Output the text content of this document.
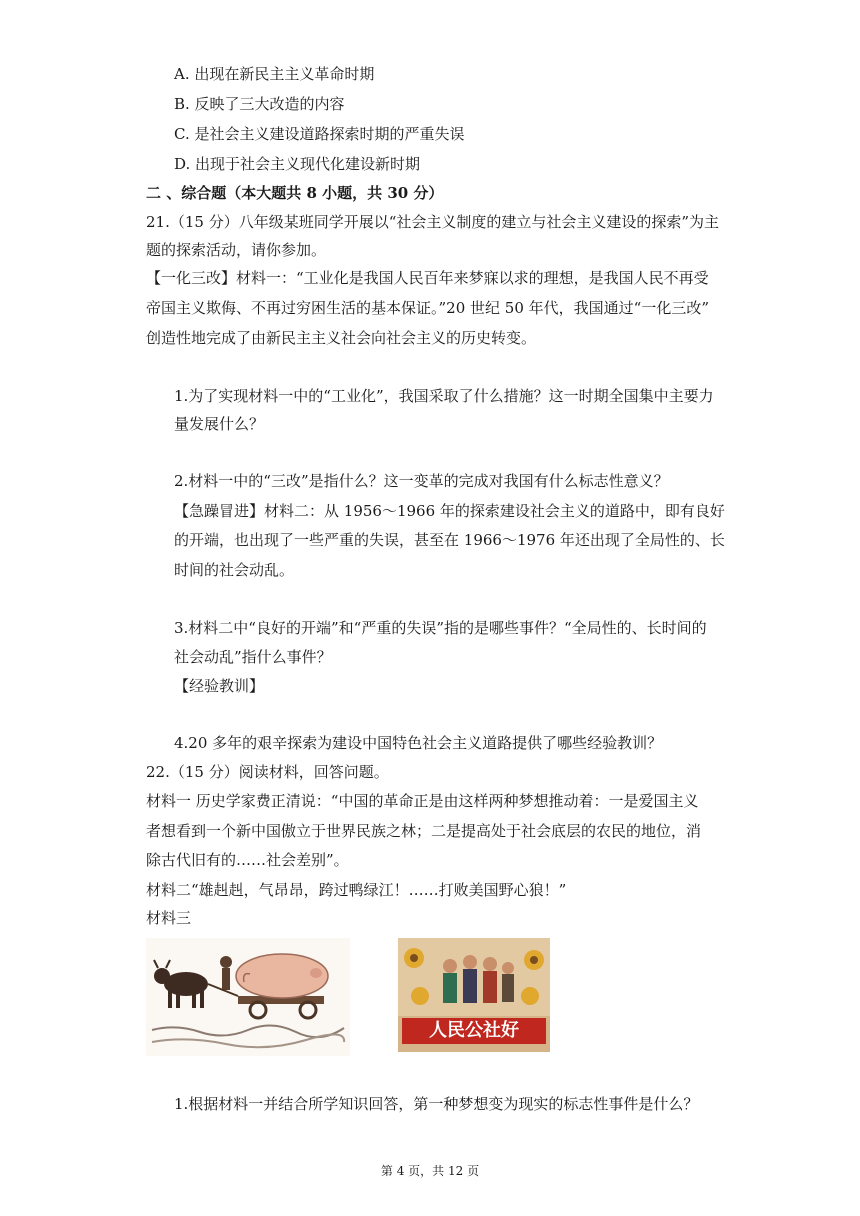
A. 出现在新民主主义革命时期
B. 反映了三大改造的内容
C. 是社会主义建设道路探索时期的严重失误
D. 出现于社会主义现代化建设新时期
二 、综合题（本大题共 8 小题，共 30 分）
21.（15 分）八年级某班同学开展以“社会主义制度的建立与社会主义建设的探索”为主
题的探索活动，请你参加。
【一化三改】材料一：“工业化是我国人民百年来梦寐以求的理想，是我国人民不再受
帝国主义欺侮、不再过穷困生活的基本保证。”20 世纪 50 年代，我国通过“一化三改”
创造性地完成了由新民主主义社会向社会主义的历史转变。
1.为了实现材料一中的“工业化”，我国采取了什么措施？这一时期全国集中主要力
量发展什么？
2.材料一中的“三改”是指什么？这一变革的完成对我国有什么标志性意义？
【急躁冒进】材料二：从 1956～1966 年的探索建设社会主义的道路中，即有良好
的开端，也出现了一些严重的失误，甚至在 1966～1976 年还出现了全局性的、长
时间的社会动乱。
3.材料二中“良好的开端”和“严重的失误”指的是哪些事件？“全局性的、长时间的
社会动乱”指什么事件？
【经验教训】
4.20 多年的艰辛探索为建设中国特色社会主义道路提供了哪些经验教训？
22.（15 分）阅读材料，回答问题。
材料一 历史学家费正清说：“中国的革命正是由这样两种梦想推动着：一是爱国主义
者想看到一个新中国傲立于世界民族之林；二是提高处于社会底层的农民的地位，消
除古代旧有的……社会差别”。
材料二“雄赳赳，气昂昂，跨过鸭绿江！……打败美国野心狼！”
材料三
人民公社好
1.根据材料一并结合所学知识回答，第一种梦想变为现实的标志性事件是什么？
第 4 页，共 12 页
